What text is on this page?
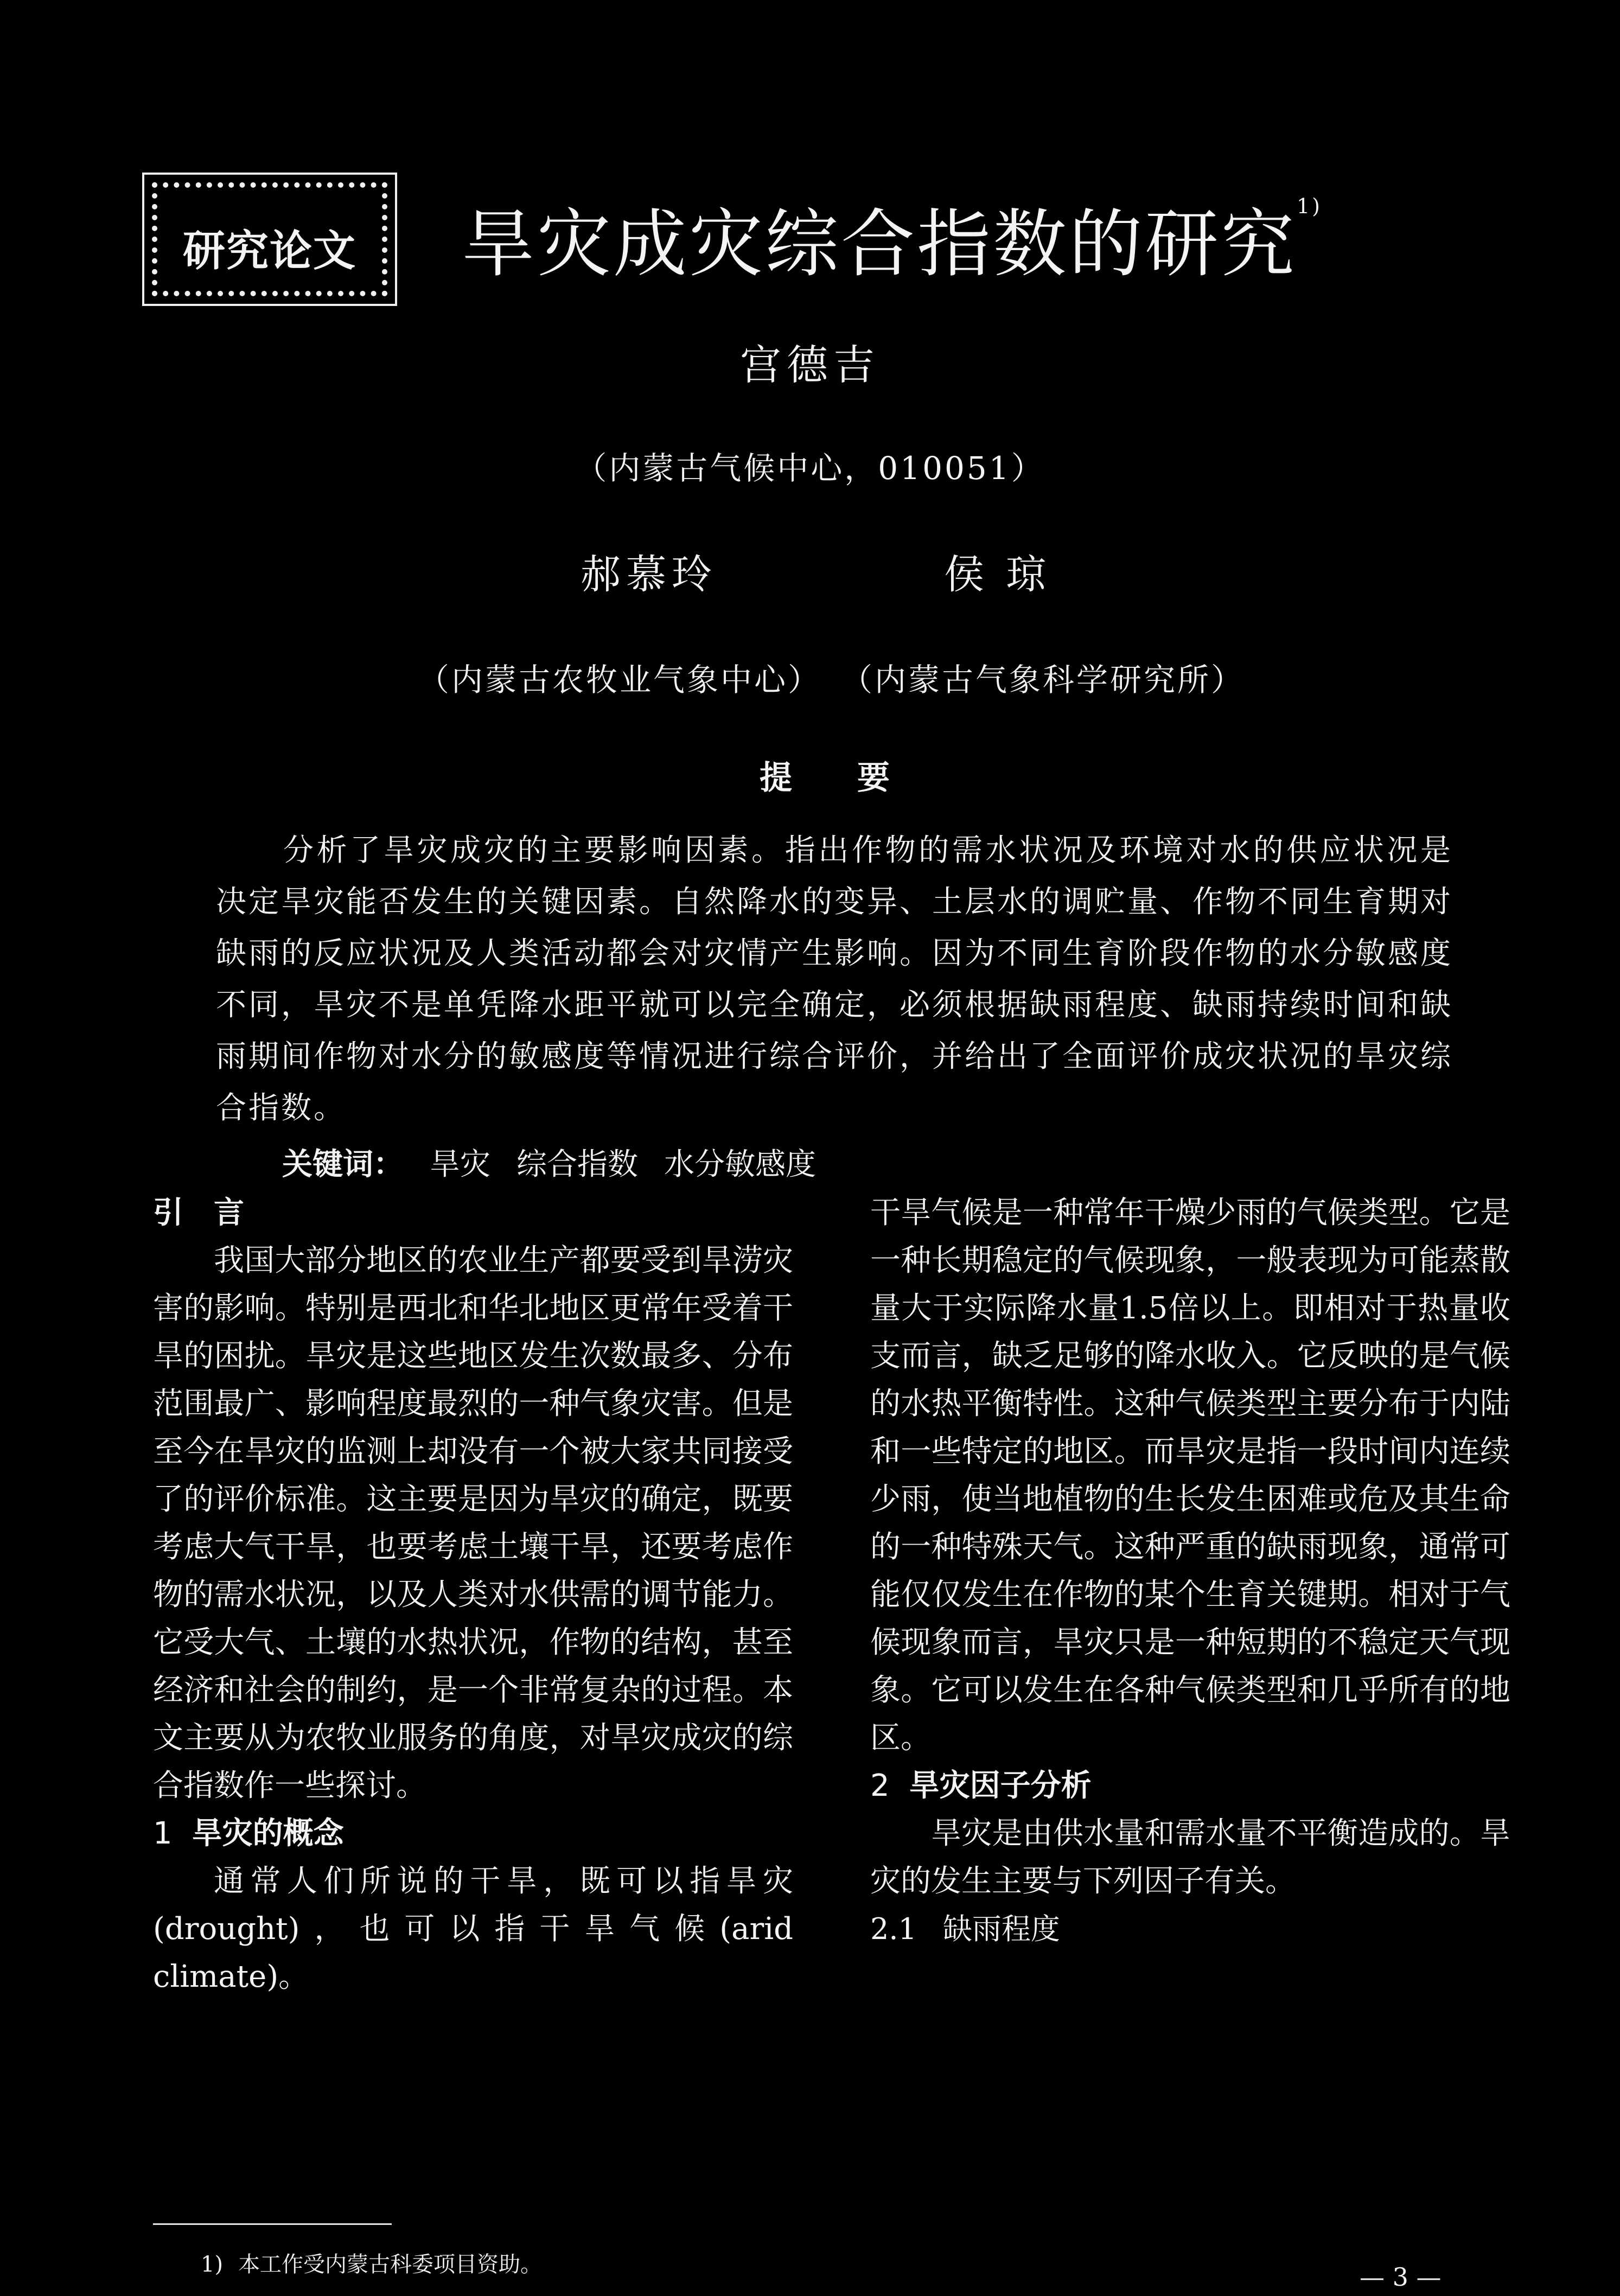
研究论文	旱灾成灾综合指数的研究$^{1)}$
宫德吉
（内蒙古气候中心，010051）
郝慕玲	侯琼
（内蒙古农牧业气象中心） （内蒙古气象科学研究所）
提要
分析了旱灾成灾的主要影响因素。指出作物的需水状况及环境对水的供应状况是决定旱灾能否发生的关键因素。自然降水的变异、土层水的调贮量、作物不同生育期对缺雨的反应状况及人类活动都会对灾情产生影响。因为不同生育阶段作物的水分敏感度不同，旱灾不是单凭降水距平就可以完全确定，必须根据缺雨程度、缺雨持续时间和缺雨期间作物对水分的敏感度等情况进行综合评价，并给出了全面评价成灾状况的旱灾综合指数。
关键词： 旱灾 综合指数 水分敏感度

引　言

我国大部分地区的农业生产都要受到旱涝灾害的影响。特别是西北和华北地区更常年受着干旱的困扰。旱灾是这些地区发生次数最多、分布范围最广、影响程度最烈的一种气象灾害。但是至今在旱灾的监测上却没有一个被大家共同接受了的评价标准。这主要是因为旱灾的确定，既要考虑大气干旱，也要考虑土壤干旱，还要考虑作物的需水状况，以及人类对水供需的调节能力。它受大气、土壤的水热状况，作物的结构，甚至经济和社会的制约，是一个非常复杂的过程。本文主要从为农牧业服务的角度，对旱灾成灾的综合指数作一些探讨。

1 旱灾的概念

通常人们所说的干旱，既可以指旱灾(drought)，也可以指干旱气候(arid climate)。

干旱气候是一种常年干燥少雨的气候类型。它是一种长期稳定的气候现象，一般表现为可能蒸散量大于实际降水量1.5倍以上。即相对于热量收支而言，缺乏足够的降水收入。它反映的是气候的水热平衡特性。这种气候类型主要分布于内陆和一些特定的地区。而旱灾是指一段时间内连续少雨，使当地植物的生长发生困难或危及其生命的一种特殊天气。这种严重的缺雨现象，通常可能仅仅发生在作物的某个生育关键期。相对于气候现象而言，旱灾只是一种短期的不稳定天气现象。它可以发生在各种气候类型和几乎所有的地区。

2 旱灾因子分析

旱灾是由供水量和需水量不平衡造成的。旱灾的发生主要与下列因子有关。

2.1 缺雨程度

1) 本工作受内蒙古科委项目资助。	— 3 —
